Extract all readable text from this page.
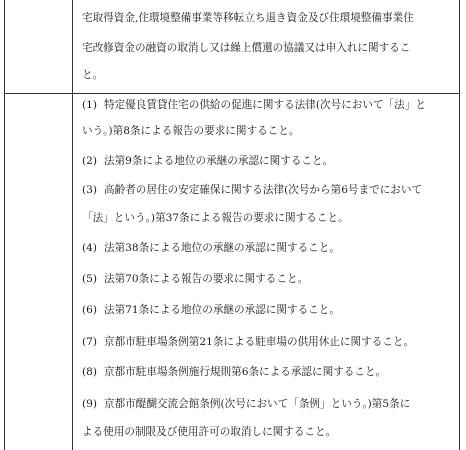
宅取得資金,住環境整備事業等移転立ち退き資金及び住環境整備事業住
宅改修資金の融資の取消し又は繰上償還の協議又は申入れに関するこ
と。
(1) 特定優良賃貸住宅の供給の促進に関する法律(次号において「法」と
いう。)第8条による報告の要求に関すること。
(2) 法第9条による地位の承継の承認に関すること。
(3) 高齢者の居住の安定確保に関する法律(次号から第6号までにおいて
「法」という。)第37条による報告の要求に関すること。
(4) 法第38条による地位の承継の承認に関すること。
(5) 法第70条による報告の要求に関すること。
(6) 法第71条による地位の承継の承認に関すること。
(7) 京都市駐車場条例第21条による駐車場の供用休止に関すること。
(8) 京都市駐車場条例施行規則第6条による承認に関すること。
(9) 京都市醍醐交流会館条例(次号において「条例」という。)第5条に
よる使用の制限及び使用許可の取消しに関すること。
